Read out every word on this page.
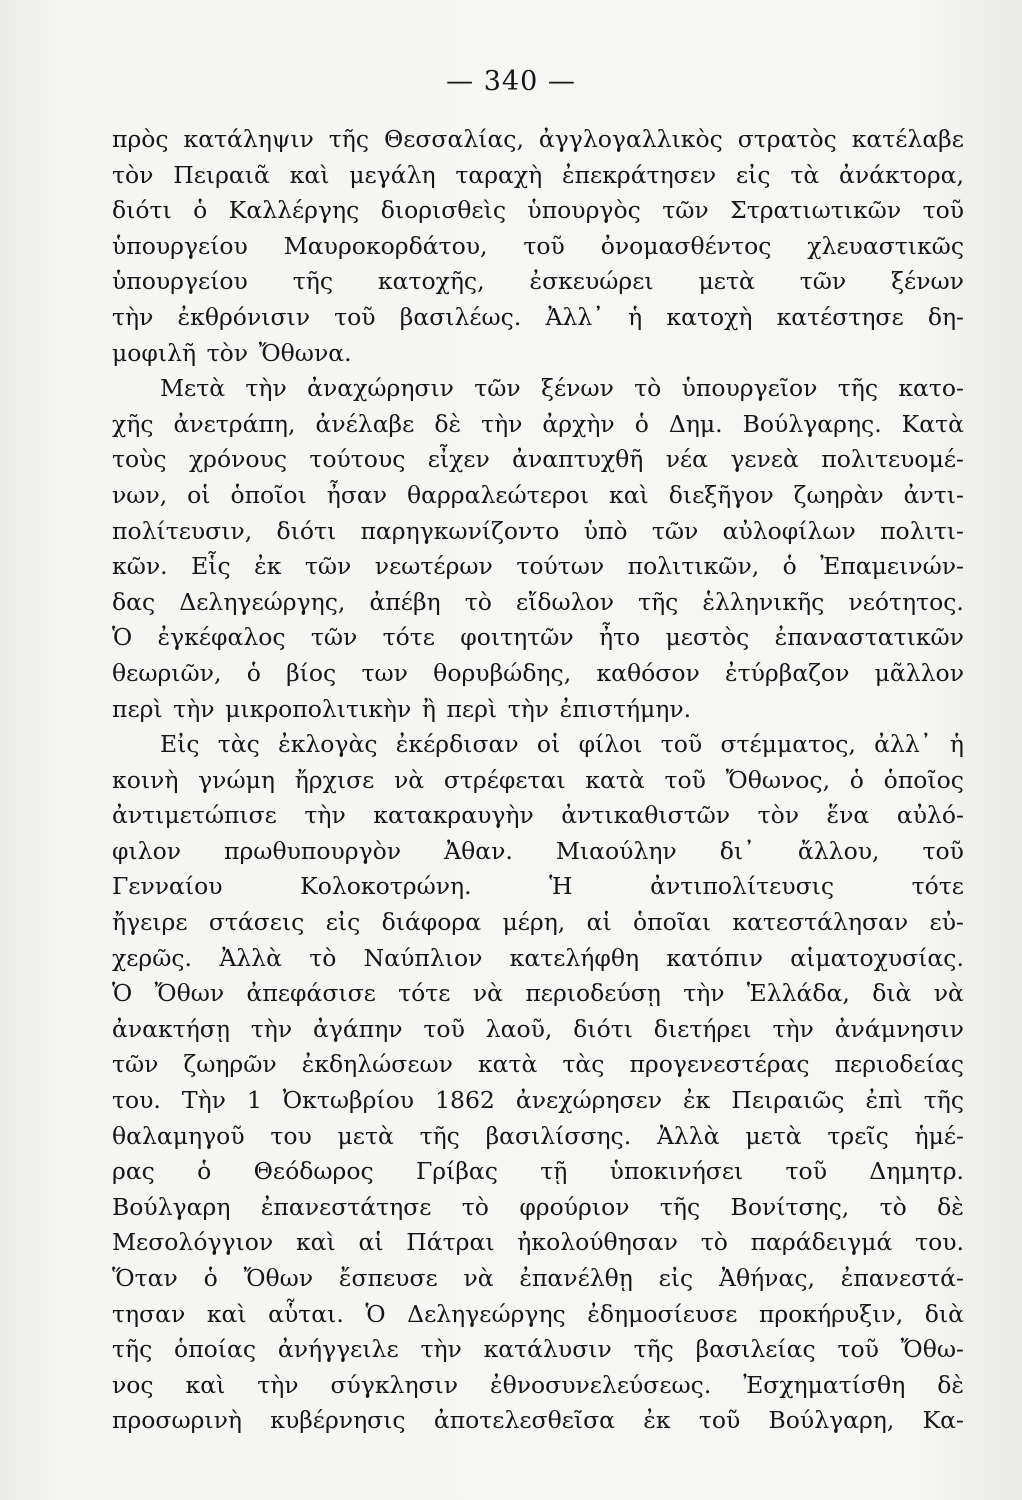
— 340 —
πρὸς κατάληψιν τῆς Θεσσαλίας, ἀγγλογαλλικὸς στρατὸς κατέλαβε
τὸν Πειραιᾶ καὶ μεγάλη ταραχὴ ἐπεκράτησεν εἰς τὰ ἀνάκτορα,
διότι ὁ Καλλέργης διορισθεὶς ὑπουργὸς τῶν Στρατιωτικῶν τοῦ
ὑπουργείου Μαυροκορδάτου, τοῦ ὀνομασθέντος χλευαστικῶς
ὑπουργείου τῆς κατοχῆς, ἐσκευώρει μετὰ τῶν ξένων
τὴν ἐκθρόνισιν τοῦ βασιλέως. Ἀλλ᾽ ἡ κατοχὴ κατέστησε δη-
μοφιλῆ τὸν Ὄθωνα.
Μετὰ τὴν ἀναχώρησιν τῶν ξένων τὸ ὑπουργεῖον τῆς κατο-
χῆς ἀνετράπη, ἀνέλαβε δὲ τὴν ἀρχὴν ὁ Δημ. Βούλγαρης. Κατὰ
τοὺς χρόνους τούτους εἶχεν ἀναπτυχθῆ νέα γενεὰ πολιτευομέ-
νων, οἱ ὁποῖοι ἦσαν θαρραλεώτεροι καὶ διεξῆγον ζωηρὰν ἀντι-
πολίτευσιν, διότι παρηγκωνίζοντο ὑπὸ τῶν αὐλοφίλων πολιτι-
κῶν. Εἷς ἐκ τῶν νεωτέρων τούτων πολιτικῶν, ὁ Ἐπαμεινών-
δας Δεληγεώργης, ἀπέβη τὸ εἴδωλον τῆς ἑλληνικῆς νεότητος.
Ὁ ἐγκέφαλος τῶν τότε φοιτητῶν ἦτο μεστὸς ἐπαναστατικῶν
θεωριῶν, ὁ βίος των θορυβώδης, καθόσον ἐτύρβαζον μᾶλλον
περὶ τὴν μικροπολιτικὴν ἢ περὶ τὴν ἐπιστήμην.
Εἰς τὰς ἐκλογὰς ἐκέρδισαν οἱ φίλοι τοῦ στέμματος, ἀλλ᾽ ἡ
κοινὴ γνώμη ἤρχισε νὰ στρέφεται κατὰ τοῦ Ὄθωνος, ὁ ὁποῖος
ἀντιμετώπισε τὴν κατακραυγὴν ἀντικαθιστῶν τὸν ἕνα αὐλό-
φιλον πρωθυπουργὸν Ἀθαν. Μιαούλην δι᾽ ἄλλου, τοῦ
Γενναίου	Κολοκοτρώνη.	Ἡ	ἀντιπολίτευσις	τότε
ἤγειρε στάσεις εἰς διάφορα μέρη, αἱ ὁποῖαι κατεστάλησαν εὐ-
χερῶς. Ἀλλὰ τὸ Ναύπλιον κατελήφθη κατόπιν αἱματοχυσίας.
Ὁ Ὄθων ἀπεφάσισε τότε νὰ περιοδεύσῃ τὴν Ἑλλάδα, διὰ νὰ
ἀνακτήσῃ τὴν ἀγάπην τοῦ λαοῦ, διότι διετήρει τὴν ἀνάμνησιν
τῶν ζωηρῶν ἐκδηλώσεων κατὰ τὰς προγενεστέρας περιοδείας
του. Τὴν 1 Ὀκτωβρίου 1862 ἀνεχώρησεν ἐκ Πειραιῶς ἐπὶ τῆς
θαλαμηγοῦ του μετὰ τῆς βασιλίσσης. Ἀλλὰ μετὰ τρεῖς ἡμέ-
ρας ὁ Θεόδωρος Γρίβας τῇ ὑποκινήσει τοῦ Δημητρ.
Βούλγαρη ἐπανεστάτησε τὸ φρούριον τῆς Βονίτσης, τὸ δὲ
Μεσολόγγιον καὶ αἱ Πάτραι ἠκολούθησαν τὸ παράδειγμά του.
Ὅταν ὁ Ὄθων ἔσπευσε νὰ ἐπανέλθῃ εἰς Ἀθήνας, ἐπανεστά-
τησαν καὶ αὗται. Ὁ Δεληγεώργης ἐδημοσίευσε προκήρυξιν, διὰ
τῆς ὁποίας ἀνήγγειλε τὴν κατάλυσιν τῆς βασιλείας τοῦ Ὄθω-
νος καὶ τὴν σύγκλησιν ἐθνοσυνελεύσεως. Ἐσχηματίσθη δὲ
προσωρινὴ κυβέρνησις ἀποτελεσθεῖσα ἐκ τοῦ Βούλγαρη, Κα-
